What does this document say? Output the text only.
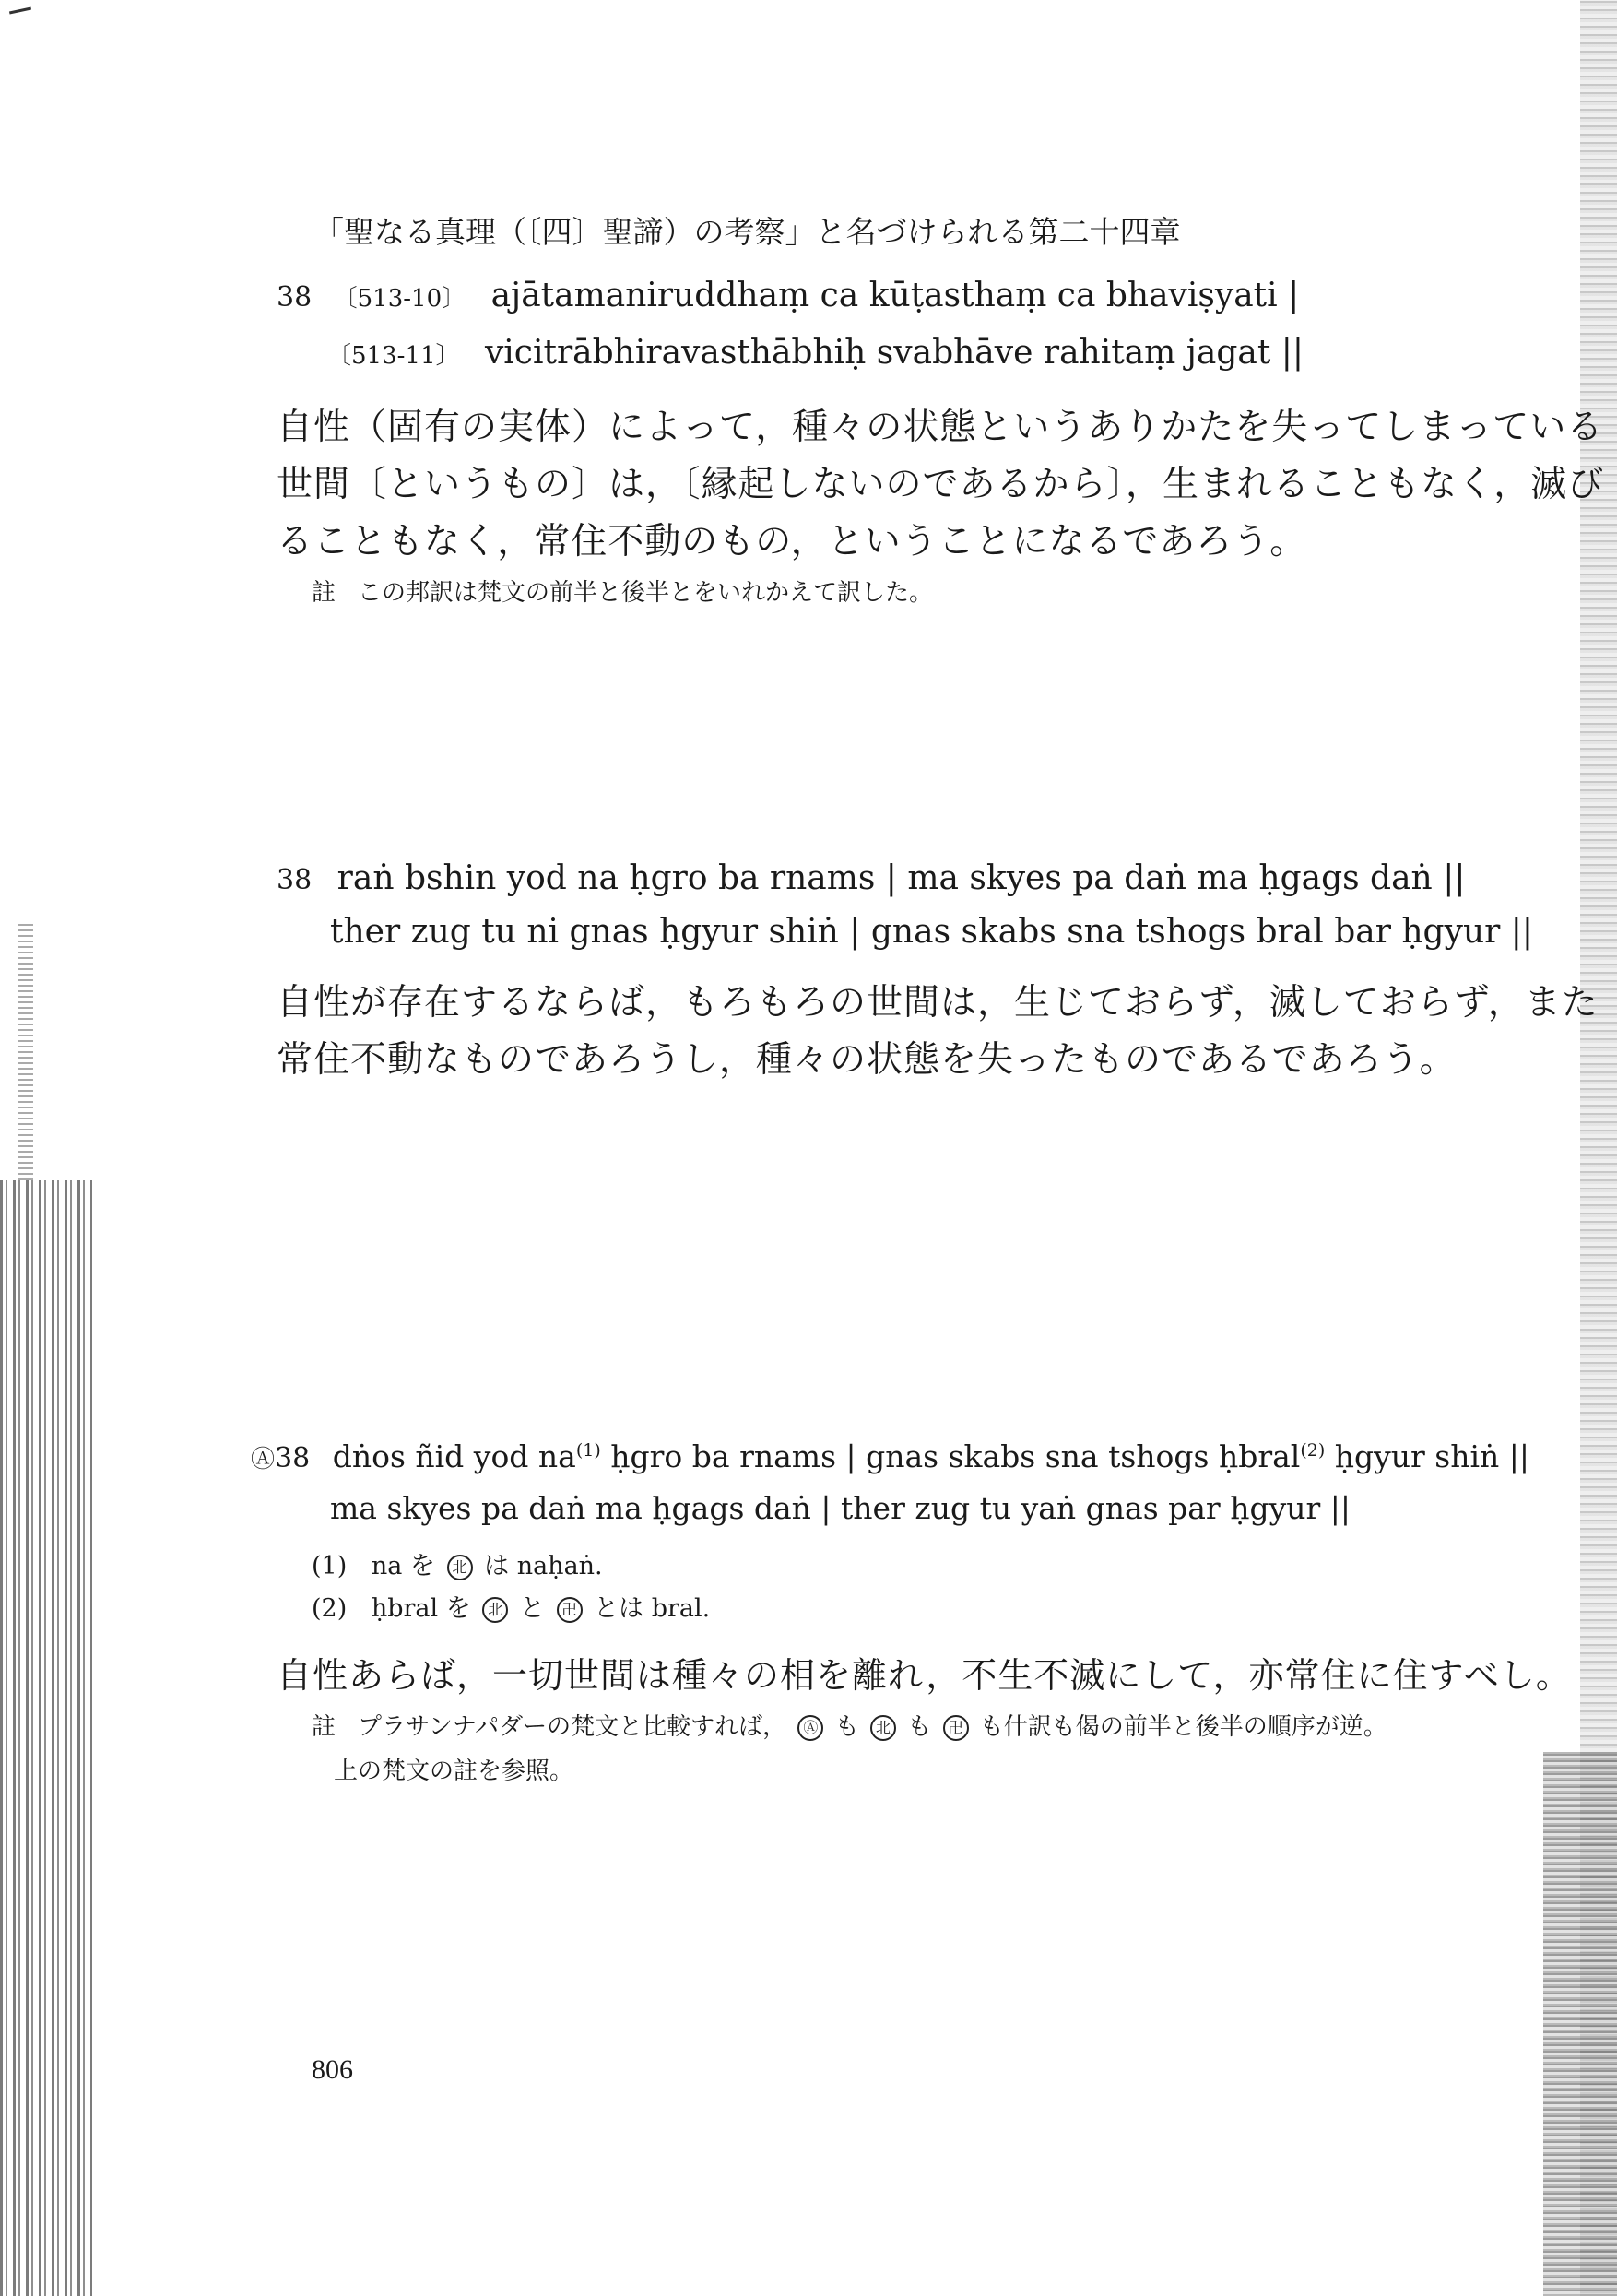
「聖なる真理（〔四〕聖諦）の考察」と名づけられる第二十四章
38 〔513-10〕 ajātamaniruddhaṃ ca kūṭasthaṃ ca bhaviṣyati |
〔513-11〕 vicitrābhiravasthābhiḥ svabhāve rahitaṃ jagat ||
自性（固有の実体）によって，種々の状態というありかたを失ってしまっている
世間〔というもの〕は，〔縁起しないのであるから〕，生まれることもなく，滅び
ることもなく，常住不動のもの，ということになるであろう。
註 この邦訳は梵文の前半と後半とをいれかえて訳した。
38 raṅ bshin yod na ḥgro ba rnams | ma skyes pa daṅ ma ḥgags daṅ ||
ther zug tu ni gnas ḥgyur shiṅ | gnas skabs sna tshogs bral bar ḥgyur ||
自性が存在するならば，もろもろの世間は，生じておらず，滅しておらず，また
常住不動なものであろうし，種々の状態を失ったものであるであろう。
Ⓐ38 dṅos ñid yod $na^{(1)}$ ḥgro ba rnams | gnas skabs sna tshogs ḥbral$^{(2)}$ ḥgyur shiṅ ||
ma skyes pa daṅ ma ḥgags daṅ | ther zug tu yaṅ gnas par ḥgyur ||
(1) na を 北 は naḥaṅ.
(2) ḥbral を 北 と 卍 とは bral.
自性あらば，一切世間は種々の相を離れ，不生不滅にして，亦常住に住すべし。
註 プラサンナパダーの梵文と比較すれば， Ⓐ も 北 も 卍 も什訳も偈の前半と後半の順序が逆。
上の梵文の註を参照。
806
